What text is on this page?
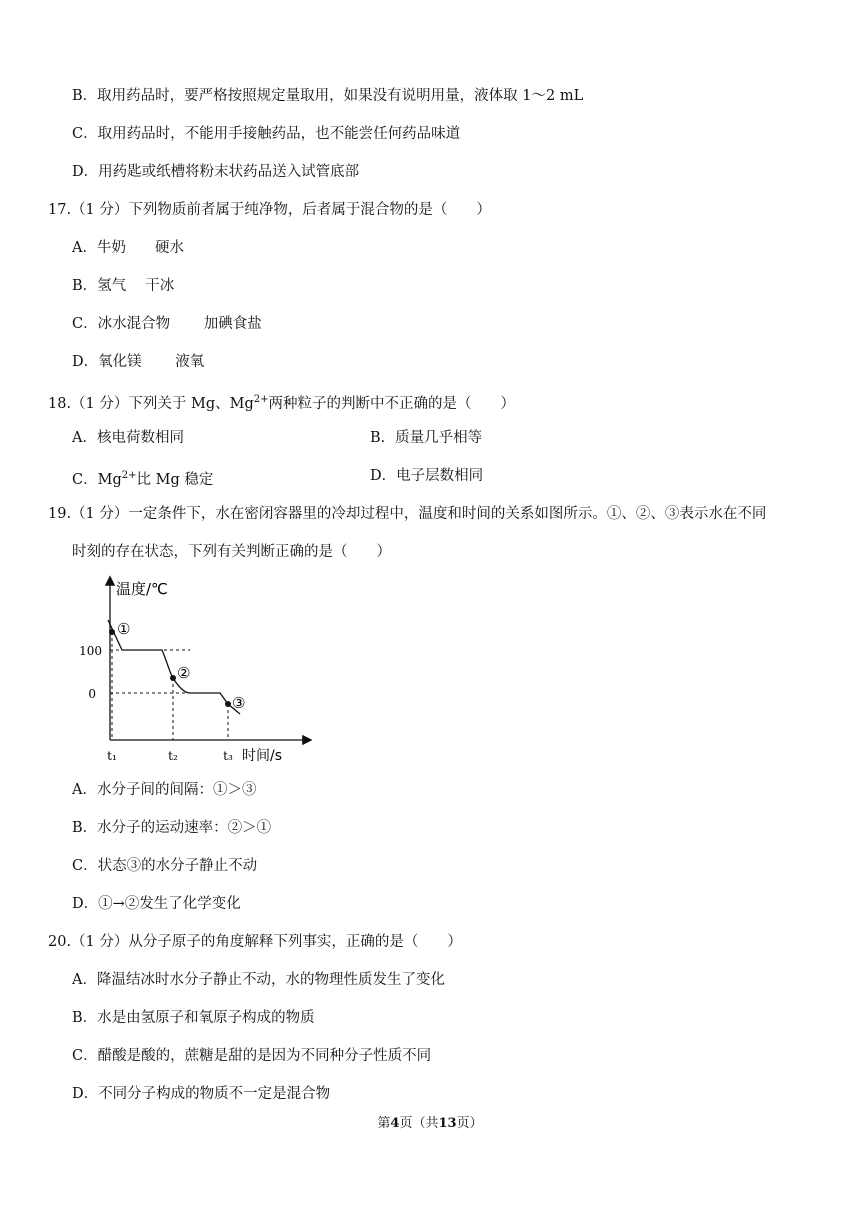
B．取用药品时，要严格按照规定量取用，如果没有说明用量，液体取 1～2 mL
C．取用药品时，不能用手接触药品，也不能尝任何药品味道
D．用药匙或纸槽将粉末状药品送入试管底部
17.（1 分）下列物质前者属于纯净物，后者属于混合物的是（　　）
A．牛奶　　硬水
B．氢气　 干冰
C．冰水混合物　　 加碘食盐
D．氧化镁　　 液氧
18.（1 分）下列关于 Mg、$Mg^{2+}$两种粒子的判断中不正确的是（　　）
A．核电荷数相同	B．质量几乎相等
C．$Mg^{2+}$比 Mg 稳定	D．电子层数相同
19.（1 分）一定条件下，水在密闭容器里的冷却过程中，温度和时间的关系如图所示。①、②、③表示水在不同
时刻的存在状态，下列有关判断正确的是（　　）
①
②
③
温度/℃
100
0
t₁	t₂	t₃ 时间/s
A．水分子间的间隔：①＞③
B．水分子的运动速率：②＞①
C．状态③的水分子静止不动
D．①→②发生了化学变化
20.（1 分）从分子原子的角度解释下列事实，正确的是（　　）
A．降温结冰时水分子静止不动，水的物理性质发生了变化
B．水是由氢原子和氧原子构成的物质
C．醋酸是酸的，蔗糖是甜的是因为不同种分子性质不同
D．不同分子构成的物质不一定是混合物
第4页（共13页）
